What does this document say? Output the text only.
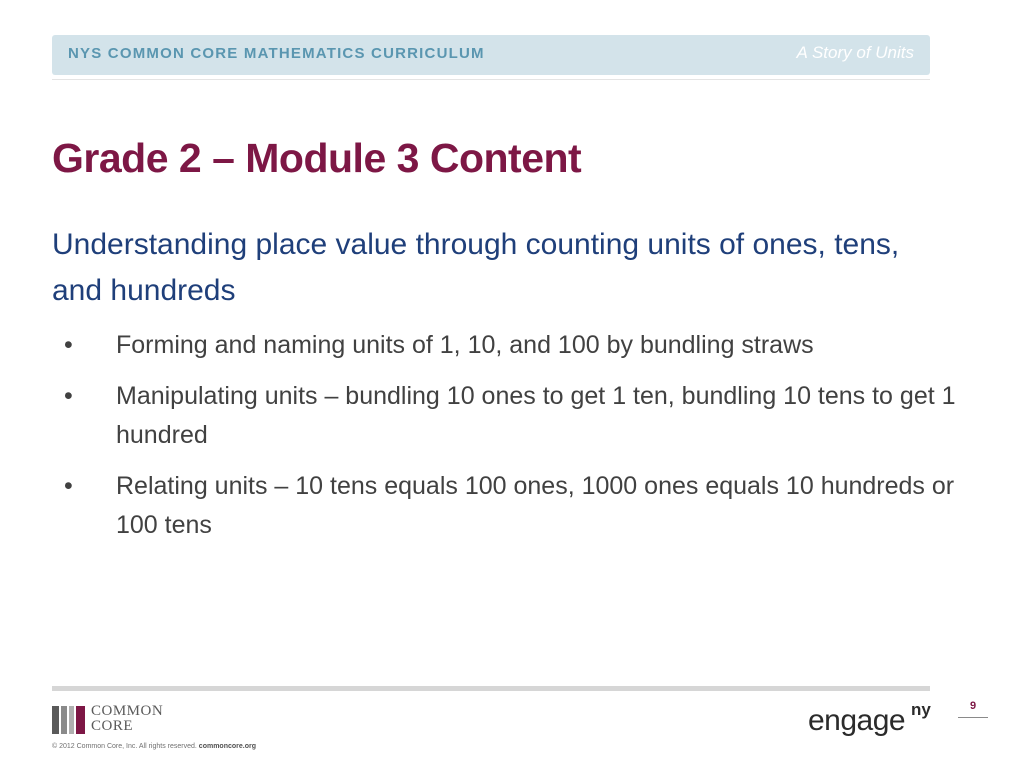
NYS COMMON CORE MATHEMATICS CURRICULUM	A Story of Units
Grade 2 – Module 3 Content

Understanding place value through counting units of ones, tens, and hundreds

• Forming and naming units of 1, 10, and 100 by bundling straws
• Manipulating units – bundling 10 ones to get 1 ten, bundling 10 tens to get 1 hundred
• Relating units – 10 tens equals 100 ones, 1000 ones equals 10 hundreds or 100 tens
COMMON
CORE
© 2012 Common Core, Inc. All rights reserved. commoncore.org
engage ny	9
